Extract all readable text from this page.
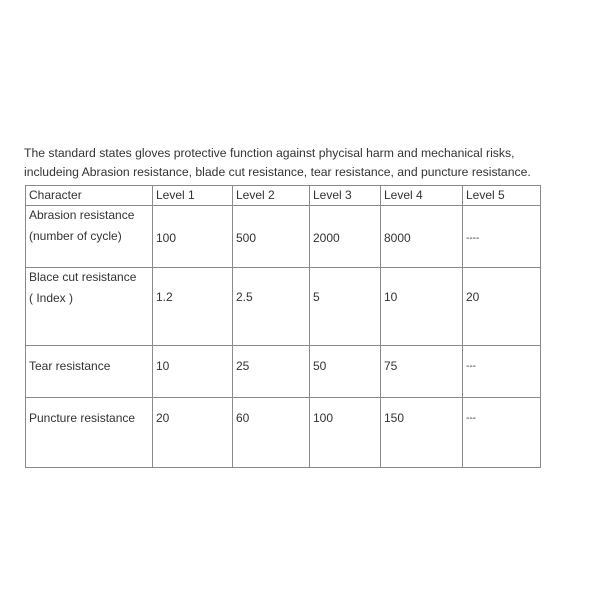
The standard states gloves protective function against phycisal harm and mechanical risks,

includeing Abrasion resistance, blade cut resistance, tear resistance, and puncture resistance.

Character	Level 1	Level 2	Level 3	Level 4	Level 5

Abrasion resistance
(number of cycle)	100	500	2000	8000	----

Blace cut resistance
( Index )	1.2	2.5	5	10	20

Tear resistance	10	25	50	75	---

Puncture resistance	20	60	100	150	---
